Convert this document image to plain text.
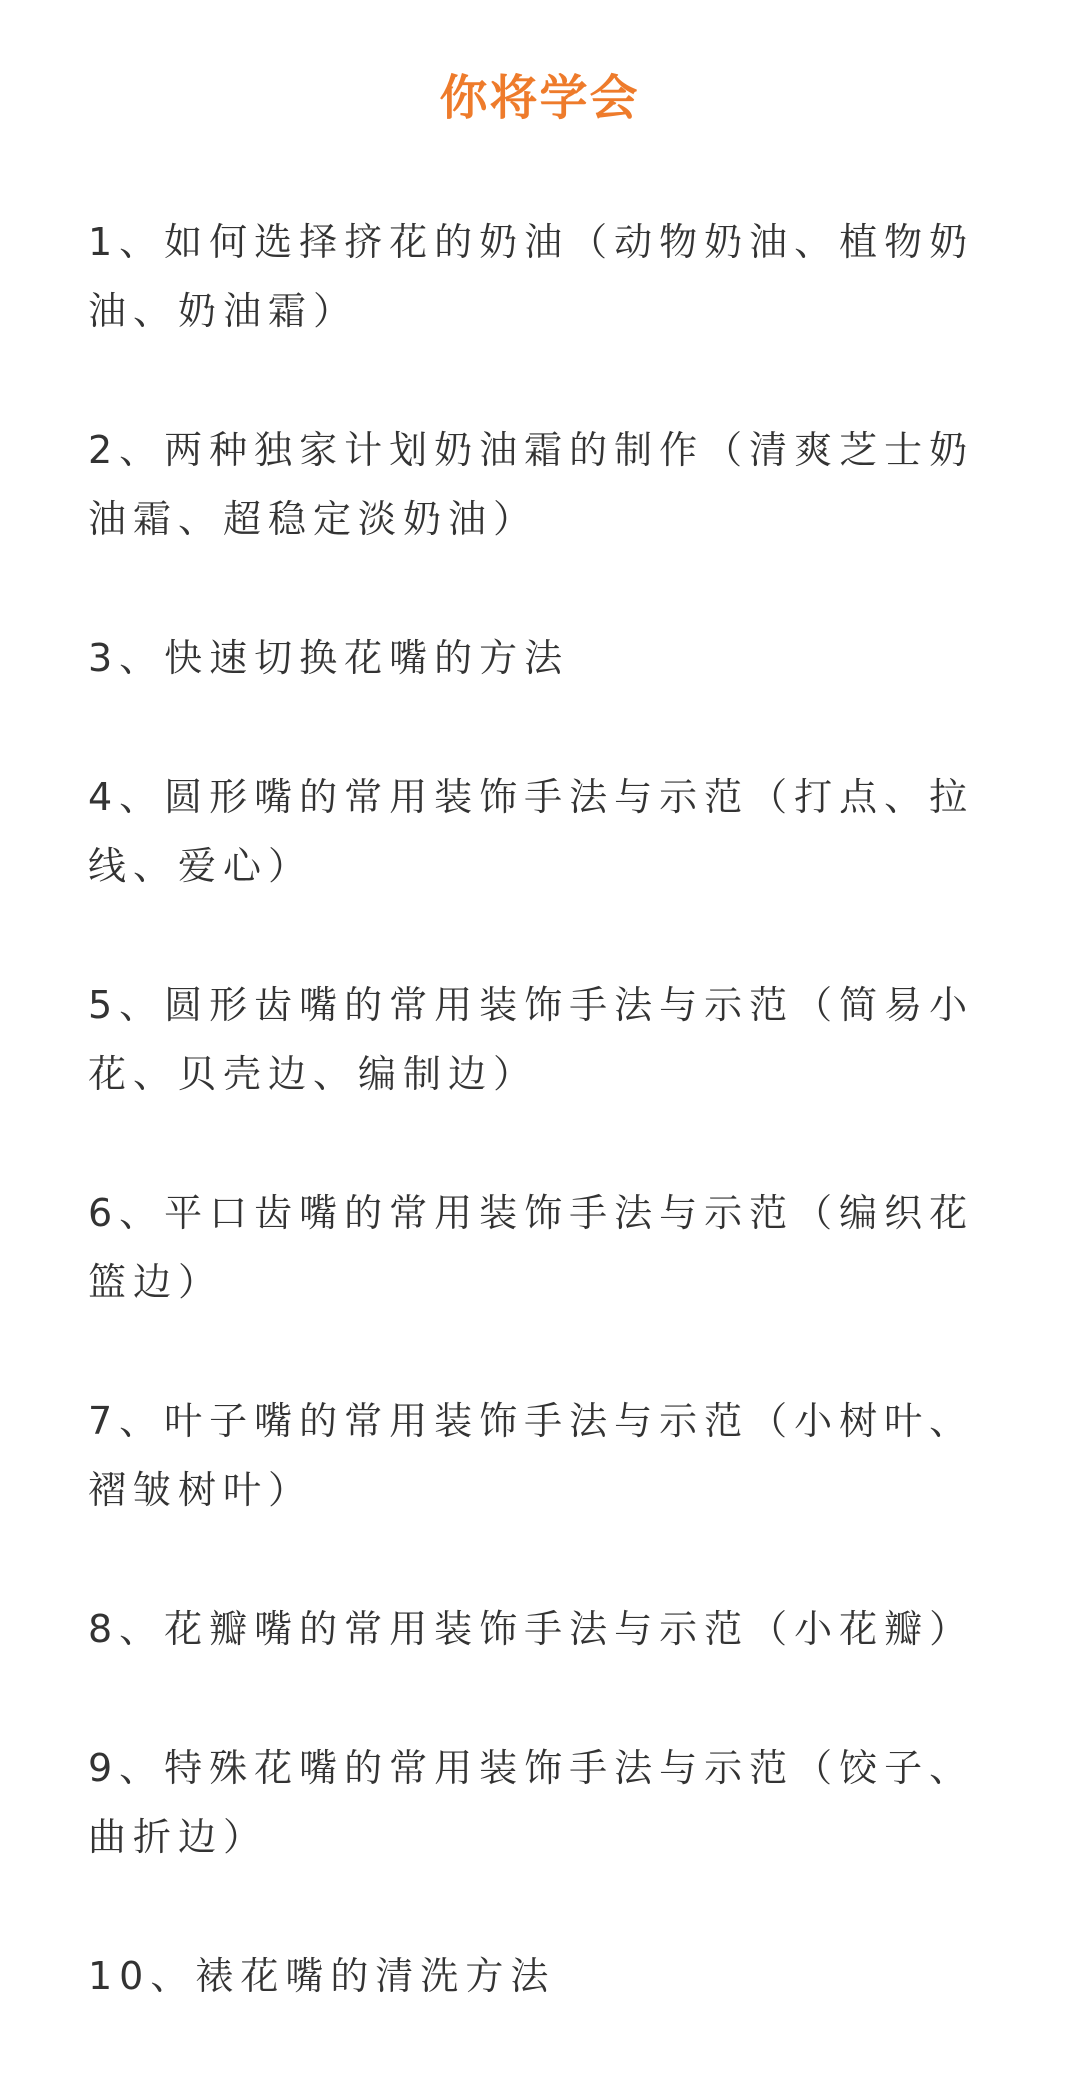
你将学会
1、如何选择挤花的奶油（动物奶油、植物奶油、奶油霜）
2、两种独家计划奶油霜的制作（清爽芝士奶油霜、超稳定淡奶油）
3、快速切换花嘴的方法
4、圆形嘴的常用装饰手法与示范（打点、拉线、爱心）
5、圆形齿嘴的常用装饰手法与示范（简易小花、贝壳边、编制边）
6、平口齿嘴的常用装饰手法与示范（编织花篮边）
7、叶子嘴的常用装饰手法与示范（小树叶、褶皱树叶）
8、花瓣嘴的常用装饰手法与示范（小花瓣）
9、特殊花嘴的常用装饰手法与示范（饺子、曲折边）
10、裱花嘴的清洗方法
